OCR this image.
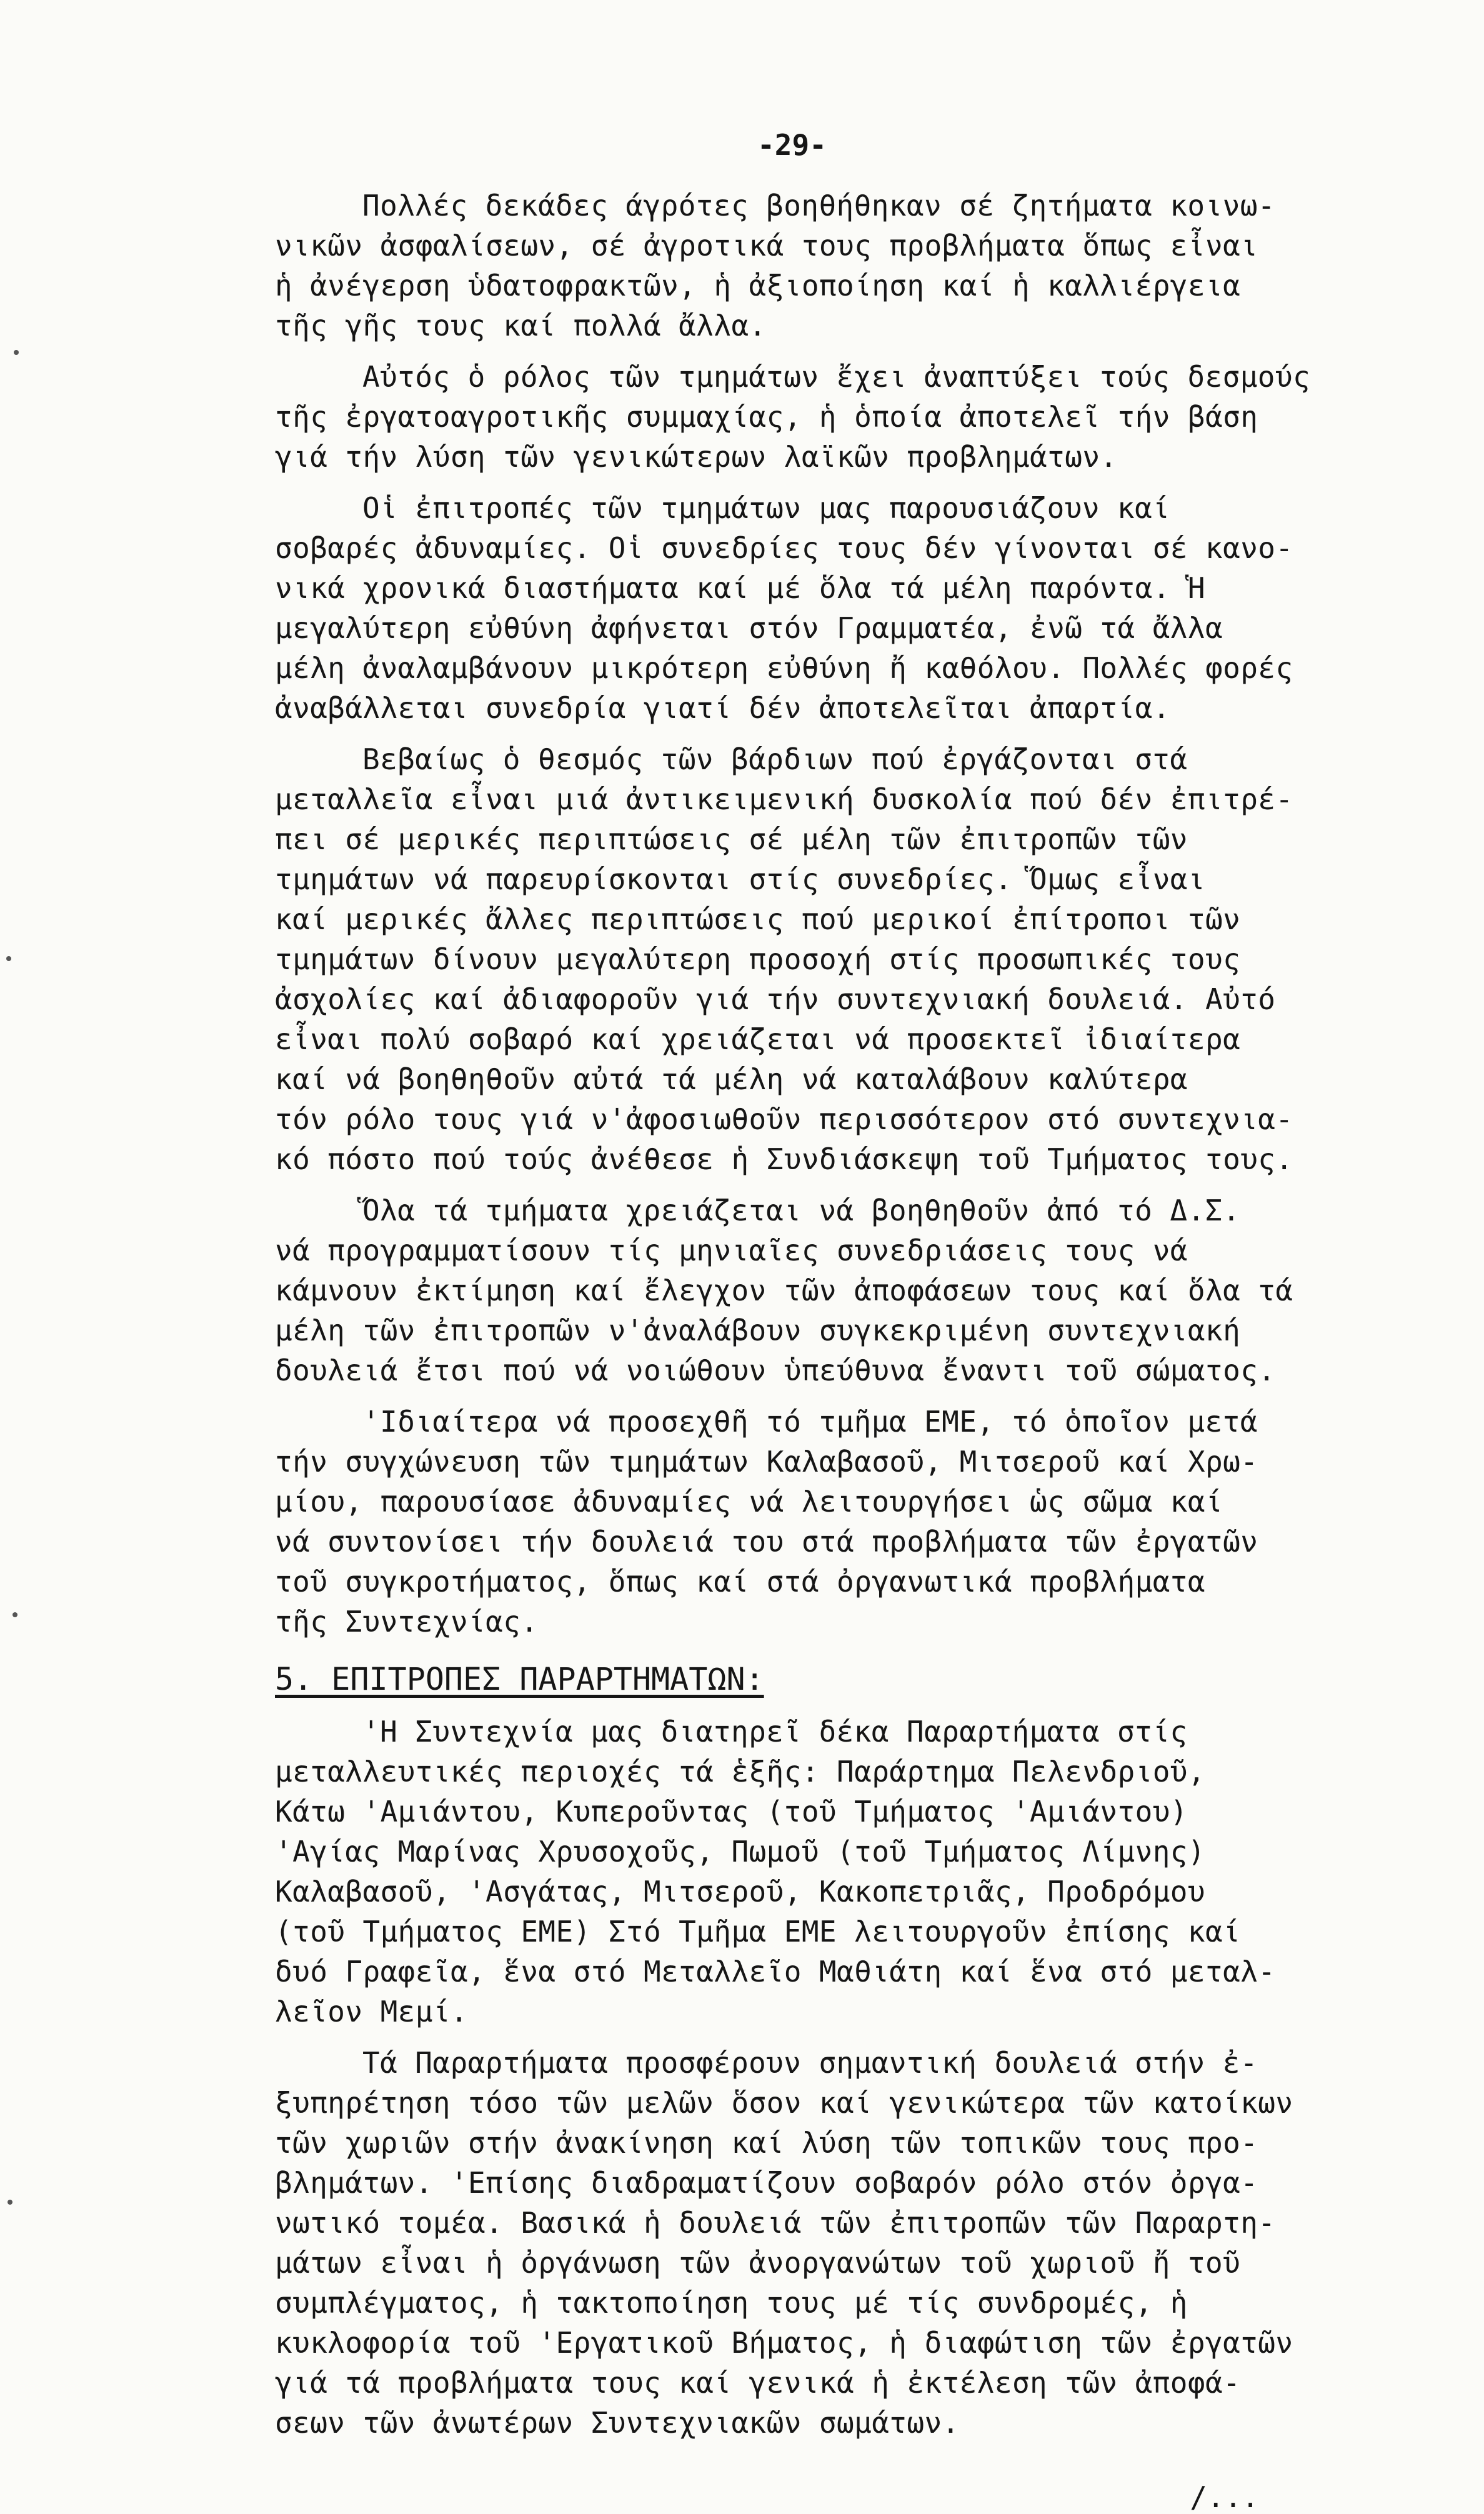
-29-
Πολλές δεκάδες άγρότες βοηθήθηκαν σέ ζητήματα κοινω-
νικῶν ἀσφαλίσεων, σέ ἀγροτικά τους προβλήματα ὅπως εἶναι
ἡ ἀνέγερση ὑδατοφρακτῶν, ἡ ἀξιοποίηση καί ἡ καλλιέργεια
τῆς γῆς τους καί πολλά ἄλλα.
Αὐτός ὁ ρόλος τῶν τμημάτων ἔχει ἀναπτύξει τούς δεσμούς
τῆς ἐργατοαγροτικῆς συμμαχίας, ἡ ὁποία ἀποτελεῖ τήν βάση
γιά τήν λύση τῶν γενικώτερων λαϊκῶν προβλημάτων.
Οἱ ἐπιτροπές τῶν τμημάτων μας παρουσιάζουν καί
σοβαρές ἀδυναμίες. Οἱ συνεδρίες τους δέν γίνονται σέ κανο-
νικά χρονικά διαστήματα καί μέ ὅλα τά μέλη παρόντα. Ἡ
μεγαλύτερη εὐθύνη ἀφήνεται στόν Γραμματέα, ἐνῶ τά ἄλλα
μέλη ἀναλαμβάνουν μικρότερη εὐθύνη ἤ καθόλου. Πολλές φορές
ἀναβάλλεται συνεδρία γιατί δέν ἀποτελεῖται ἀπαρτία.
Βεβαίως ὁ θεσμός τῶν βάρδιων πού ἐργάζονται στά
μεταλλεῖα εἶναι μιά ἀντικειμενική δυσκολία πού δέν ἐπιτρέ-
πει σέ μερικές περιπτώσεις σέ μέλη τῶν ἐπιτροπῶν τῶν
τμημάτων νά παρευρίσκονται στίς συνεδρίες. Ὅμως εἶναι
καί μερικές ἄλλες περιπτώσεις πού μερικοί ἐπίτροποι τῶν
τμημάτων δίνουν μεγαλύτερη προσοχή στίς προσωπικές τους
ἀσχολίες καί ἀδιαφοροῦν γιά τήν συντεχνιακή δουλειά. Αὐτό
εἶναι πολύ σοβαρό καί χρειάζεται νά προσεκτεῖ ἰδιαίτερα
καί νά βοηθηθοῦν αὐτά τά μέλη νά καταλάβουν καλύτερα
τόν ρόλο τους γιά ν'ἀφοσιωθοῦν περισσότερον στό συντεχνια-
κό πόστο πού τούς ἀνέθεσε ἡ Συνδιάσκεψη τοῦ Τμήματος τους.
Ὅλα τά τμήματα χρειάζεται νά βοηθηθοῦν ἀπό τό Δ.Σ.
νά προγραμματίσουν τίς μηνιαῖες συνεδριάσεις τους νά
κάμνουν ἐκτίμηση καί ἔλεγχον τῶν ἀποφάσεων τους καί ὅλα τά
μέλη τῶν ἐπιτροπῶν ν'ἀναλάβουν συγκεκριμένη συντεχνιακή
δουλειά ἔτσι πού νά νοιώθουν ὑπεύθυνα ἔναντι τοῦ σώματος.
'Ιδιαίτερα νά προσεχθῆ τό τμῆμα ΕΜΕ, τό ὁποῖον μετά
τήν συγχώνευση τῶν τμημάτων Καλαβασοῦ, Μιτσεροῦ καί Χρω-
μίου, παρουσίασε ἀδυναμίες νά λειτουργήσει ὡς σῶμα καί
νά συντονίσει τήν δουλειά του στά προβλήματα τῶν ἐργατῶν
τοῦ συγκροτήματος, ὅπως καί στά ὀργανωτικά προβλήματα
τῆς Συντεχνίας.
5. ΕΠΙΤΡΟΠΕΣ ΠΑΡΑΡΤΗΜΑΤΩΝ:
'Η Συντεχνία μας διατηρεῖ δέκα Παραρτήματα στίς
μεταλλευτικές περιοχές τά ἑξῆς: Παράρτημα Πελενδριοῦ,
Κάτω 'Αμιάντου, Κυπεροῦντας (τοῦ Τμήματος 'Αμιάντου)
'Αγίας Μαρίνας Χρυσοχοῦς, Πωμοῦ (τοῦ Τμήματος Λίμνης)
Καλαβασοῦ, 'Ασγάτας, Μιτσεροῦ, Κακοπετριᾶς, Προδρόμου
(τοῦ Τμήματος ΕΜΕ) Στό Τμῆμα ΕΜΕ λειτουργοῦν ἐπίσης καί
δυό Γραφεῖα, ἕνα στό Μεταλλεῖο Μαθιάτη καί ἕνα στό μεταλ-
λεῖον Μεμί.
Τά Παραρτήματα προσφέρουν σημαντική δουλειά στήν ἐ-
ξυπηρέτηση τόσο τῶν μελῶν ὅσον καί γενικώτερα τῶν κατοίκων
τῶν χωριῶν στήν ἀνακίνηση καί λύση τῶν τοπικῶν τους προ-
βλημάτων. 'Επίσης διαδραματίζουν σοβαρόν ρόλο στόν ὀργα-
νωτικό τομέα. Βασικά ἡ δουλειά τῶν ἐπιτροπῶν τῶν Παραρτη-
μάτων εἶναι ἡ ὀργάνωση τῶν ἀνοργανώτων τοῦ χωριοῦ ἤ τοῦ
συμπλέγματος, ἡ τακτοποίηση τους μέ τίς συνδρομές, ἡ
κυκλοφορία τοῦ 'Εργατικοῦ Βήματος, ἡ διαφώτιση τῶν ἐργατῶν
γιά τά προβλήματα τους καί γενικά ἡ ἐκτέλεση τῶν ἀποφά-
σεων τῶν ἀνωτέρων Συντεχνιακῶν σωμάτων.
/...
